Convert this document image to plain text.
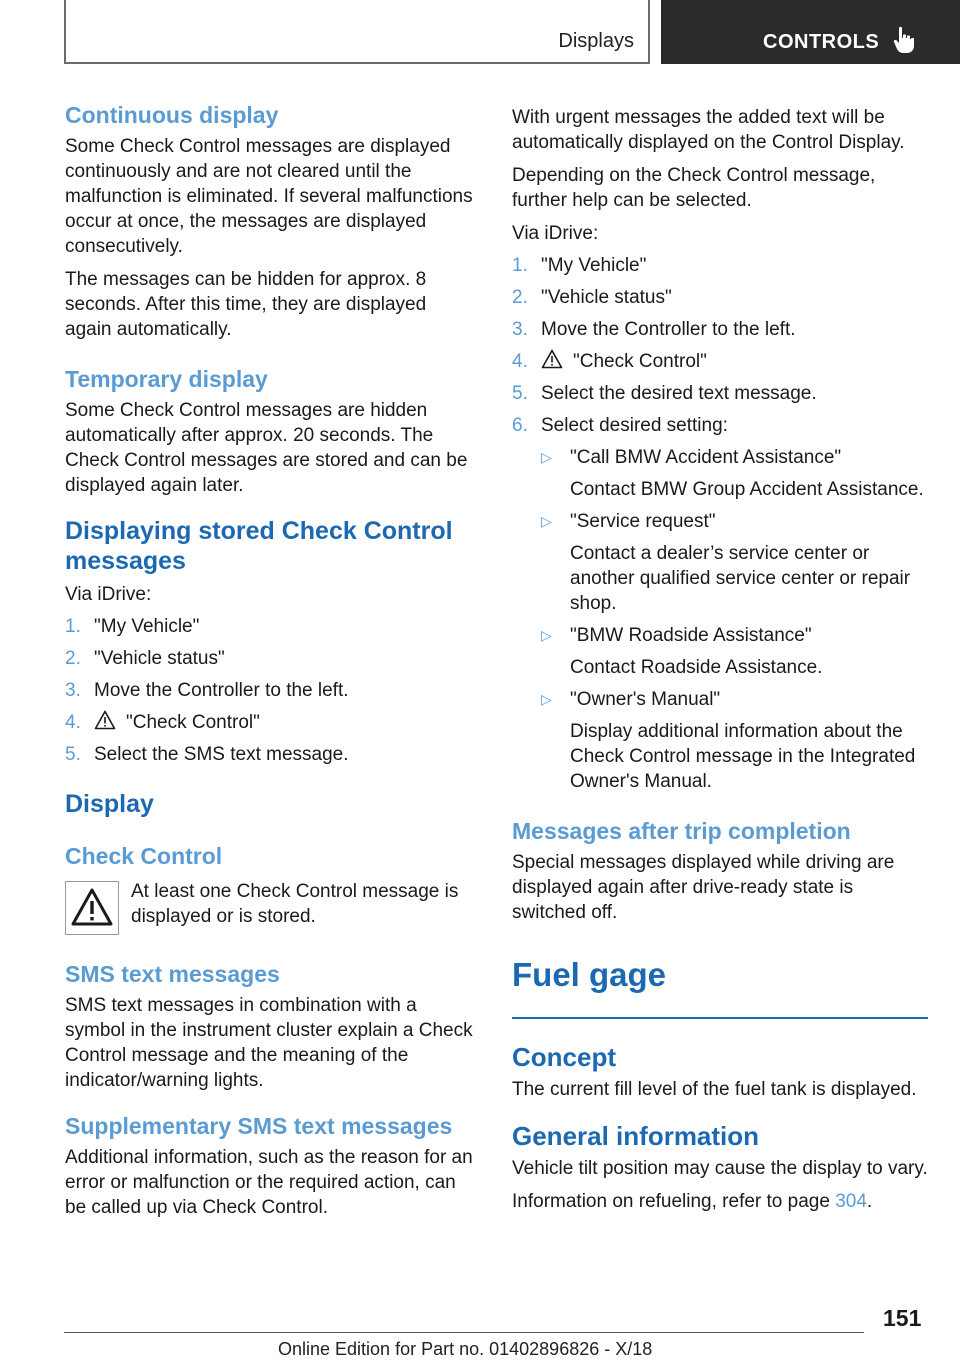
Displays	CONTROLS
Continuous display

Some Check Control messages are displayed continuously and are not cleared until the malfunction is eliminated. If several malfunctions occur at once, the messages are displayed consecutively.

The messages can be hidden for approx. 8 seconds. After this time, they are displayed again automatically.

Temporary display

Some Check Control messages are hidden automatically after approx. 20 seconds. The Check Control messages are stored and can be displayed again later.

Displaying stored Check Control messages

Via iDrive:

1. "My Vehicle"
2. "Vehicle status"
3. Move the Controller to the left.
4. "Check Control"
5. Select the SMS text message.
Display
Check Control
At least one Check Control message is displayed or is stored.
SMS text messages

SMS text messages in combination with a symbol in the instrument cluster explain a Check Control message and the meaning of the indicator/warning lights.

Supplementary SMS text messages

Additional information, such as the reason for an error or malfunction or the required action, can be called up via Check Control.

With urgent messages the added text will be automatically displayed on the Control Display.

Depending on the Check Control message, further help can be selected.

Via iDrive:

1. "My Vehicle"
2. "Vehicle status"
3. Move the Controller to the left.
4. "Check Control"
5. Select the desired text message.
6. Select desired setting:
▷ "Call BMW Accident Assistance"
Contact BMW Group Accident Assistance.
▷ "Service request"
Contact a dealer’s service center or another qualified service center or repair shop.
▷ "BMW Roadside Assistance"
Contact Roadside Assistance.
▷ "Owner's Manual"
Display additional information about the Check Control message in the Integrated Owner's Manual.
Messages after trip completion

Special messages displayed while driving are displayed again after drive-ready state is switched off.

Fuel gage
Concept

The current fill level of the fuel tank is displayed.

General information

Vehicle tilt position may cause the display to vary.

Information on refueling, refer to page 304.

151
Online Edition for Part no. 01402896826 - X/18
